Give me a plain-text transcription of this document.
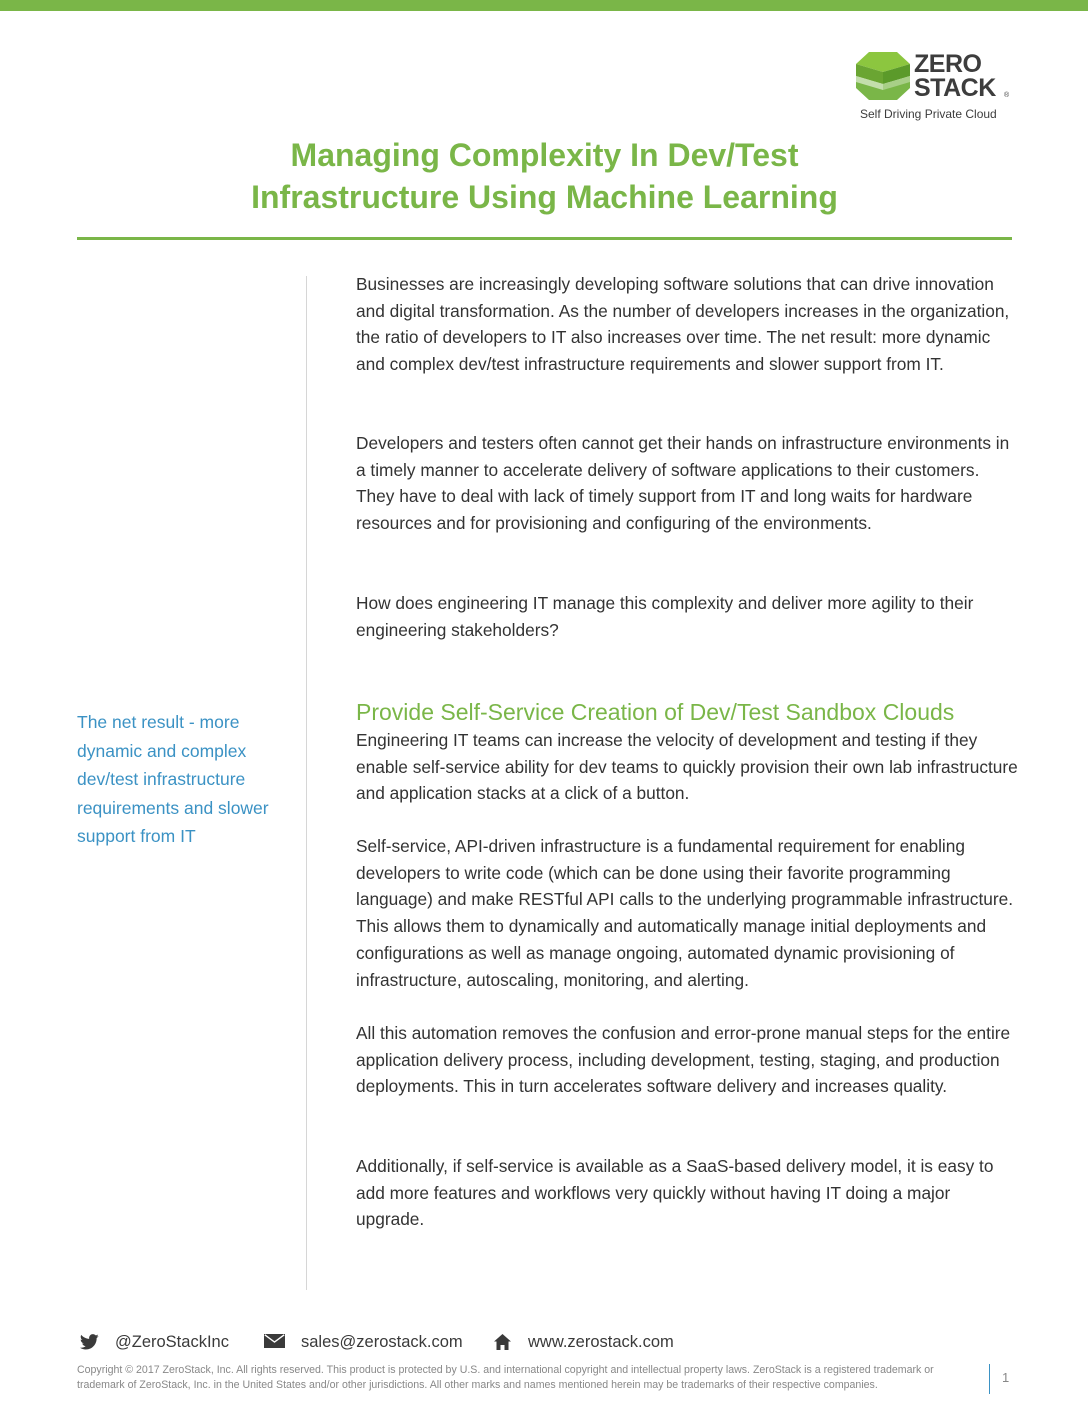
ZERO
STACK ®
Self Driving Private Cloud
Managing Complexity In Dev/Test
Infrastructure Using Machine Learning

The net result - more dynamic and complex dev/test infrastructure requirements and slower support from IT

Businesses are increasingly developing software solutions that can drive innovation and digital transformation. As the number of developers increases in the organization, the ratio of developers to IT also increases over time. The net result: more dynamic and complex dev/test infrastructure requirements and slower support from IT.

Developers and testers often cannot get their hands on infrastructure environments in a timely manner to accelerate delivery of software applications to their customers. They have to deal with lack of timely support from IT and long waits for hardware resources and for provisioning and configuring of the environments.

How does engineering IT manage this complexity and deliver more agility to their engineering stakeholders?

Provide Self-Service Creation of Dev/Test Sandbox Clouds

Engineering IT teams can increase the velocity of development and testing if they enable self-service ability for dev teams to quickly provision their own lab infrastructure and application stacks at a click of a button.

Self-service, API-driven infrastructure is a fundamental requirement for enabling developers to write code (which can be done using their favorite programming language) and make RESTful API calls to the underlying programmable infrastructure. This allows them to dynamically and automatically manage initial deployments and configurations as well as manage ongoing, automated dynamic provisioning of infrastructure, autoscaling, monitoring, and alerting.

All this automation removes the confusion and error-prone manual steps for the entire application delivery process, including development, testing, staging, and production deployments. This in turn accelerates software delivery and increases quality.

Additionally, if self-service is available as a SaaS-based delivery model, it is easy to add more features and workflows very quickly without having IT doing a major upgrade.

@ZeroStackInc	sales@zerostack.com	www.zerostack.com

Copyright © 2017 ZeroStack, Inc. All rights reserved. This product is protected by U.S. and international copyright and intellectual property laws. ZeroStack is a registered trademark or trademark of ZeroStack, Inc. in the United States and/or other jurisdictions. All other marks and names mentioned herein may be trademarks of their respective companies.	1
